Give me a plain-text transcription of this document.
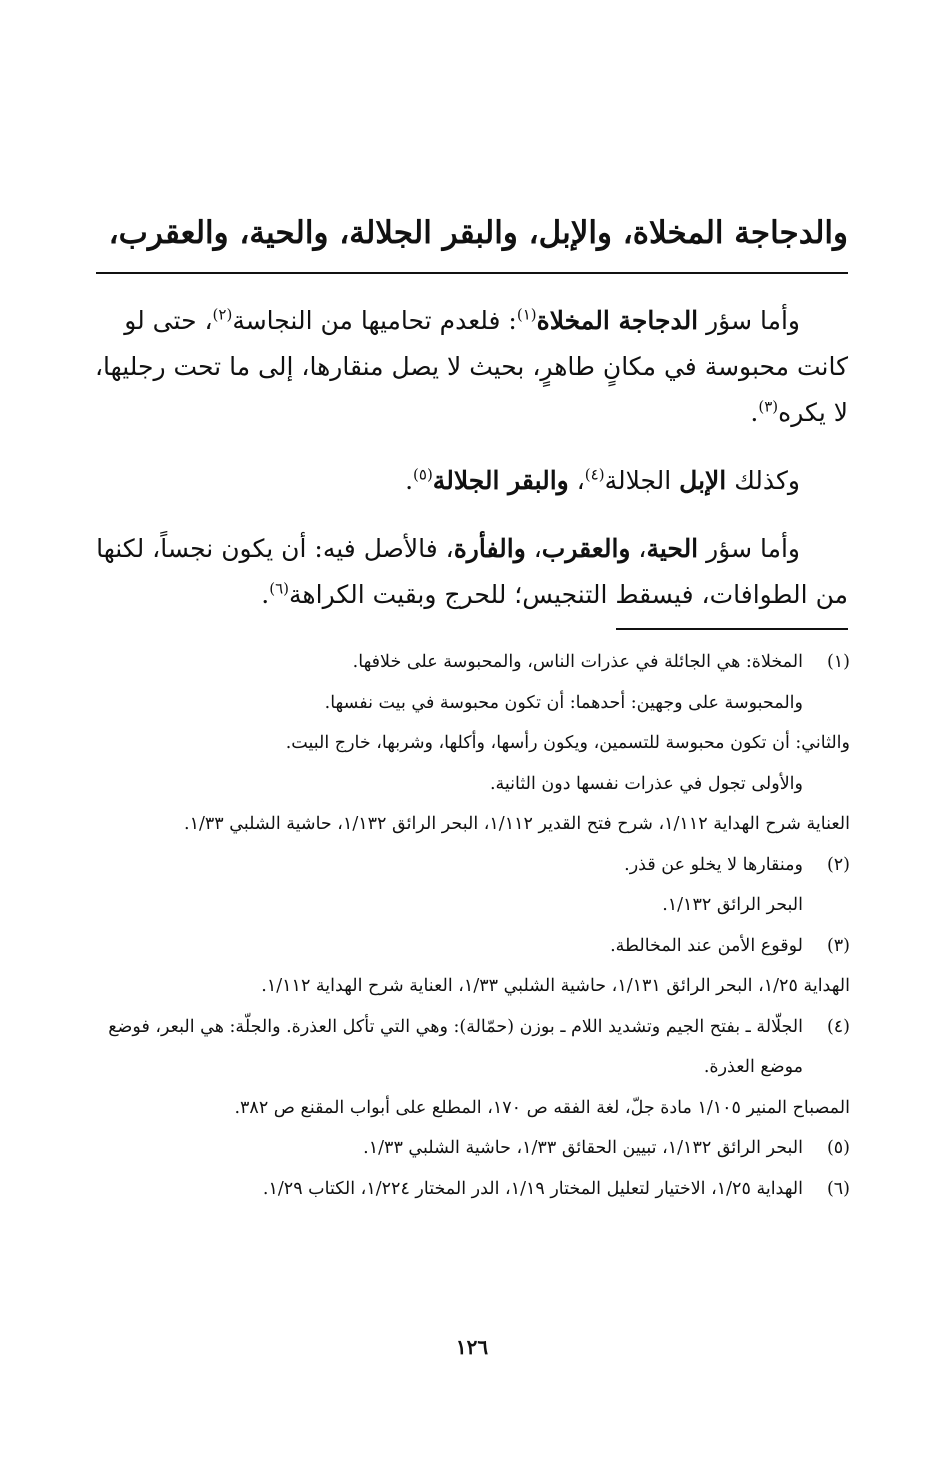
والدجاجة المخلاة، والإبل، والبقر الجلالة، والحية، والعقرب،

وأما سؤر الدجاجة المخلاة$^{(١)}$: فلعدم تحاميها من النجاسة$^{(٢)}$، حتى لو كانت محبوسة في مكانٍ طاهرٍ، بحيث لا يصل منقارها، إلى ما تحت رجليها، لا يكره$^{(٣)}$.

وكذلك الإبل الجلالة$^{(٤)}$، والبقر الجلالة$^{(٥)}$.

وأما سؤر الحية، والعقرب، والفأرة، فالأصل فيه: أن يكون نجساً، لكنها من الطوافات، فيسقط التنجيس؛ للحرج وبقيت الكراهة$^{(٦)}$.

(١)

المخلاة: هي الجائلة في عذرات الناس، والمحبوسة على خلافها.

والمحبوسة على وجهين: أحدهما: أن تكون محبوسة في بيت نفسها.

والثاني: أن تكون محبوسة للتسمين، ويكون رأسها، وأكلها، وشربها، خارج البيت.

والأولى تجول في عذرات نفسها دون الثانية.

العناية شرح الهداية ١/١١٢، شرح فتح القدير ١/١١٢، البحر الرائق ١/١٣٢، حاشية الشلبي ١/٣٣.

(٢)

ومنقارها لا يخلو عن قذر.

البحر الرائق ١/١٣٢.

(٣)

لوقوع الأمن عند المخالطة.

الهداية ١/٢٥، البحر الرائق ١/١٣١، حاشية الشلبي ١/٣٣، العناية شرح الهداية ١/١١٢.

(٤)

الجلّالة ـ بفتح الجيم وتشديد اللام ـ بوزن (حمّالة): وهي التي تأكل العذرة. والجلّة: هي البعر، فوضع موضع العذرة.

المصباح المنير ١/١٠٥ مادة جلّ، لغة الفقه ص ١٧٠، المطلع على أبواب المقنع ص ٣٨٢.

(٥)

البحر الرائق ١/١٣٢، تبيين الحقائق ١/٣٣، حاشية الشلبي ١/٣٣.

(٦)

الهداية ١/٢٥، الاختيار لتعليل المختار ١/١٩، الدر المختار ١/٢٢٤، الكتاب ١/٢٩.

١٢٦
